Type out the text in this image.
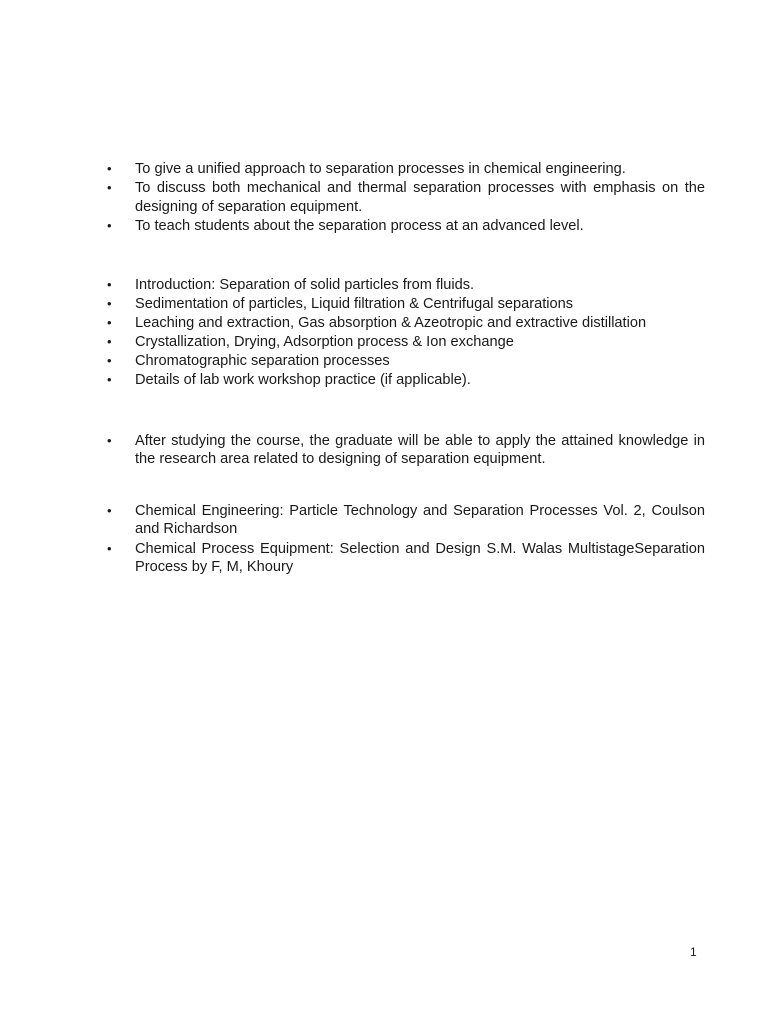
• To give a unified approach to separation processes in chemical engineering.
• To discuss both mechanical and thermal separation processes with emphasis on the designing of separation equipment.
• To teach students about the separation process at an advanced level.
• Introduction: Separation of solid particles from fluids.
• Sedimentation of particles, Liquid filtration & Centrifugal separations
• Leaching and extraction, Gas absorption & Azeotropic and extractive distillation
• Crystallization, Drying, Adsorption process & Ion exchange
• Chromatographic separation processes
• Details of lab work workshop practice (if applicable).
• After studying the course, the graduate will be able to apply the attained knowledge in the research area related to designing of separation equipment.
• Chemical Engineering: Particle Technology and Separation Processes Vol. 2, Coulson and Richardson
• Chemical Process Equipment: Selection and Design S.M. Walas MultistageSeparation Process by F, M, Khoury
1
